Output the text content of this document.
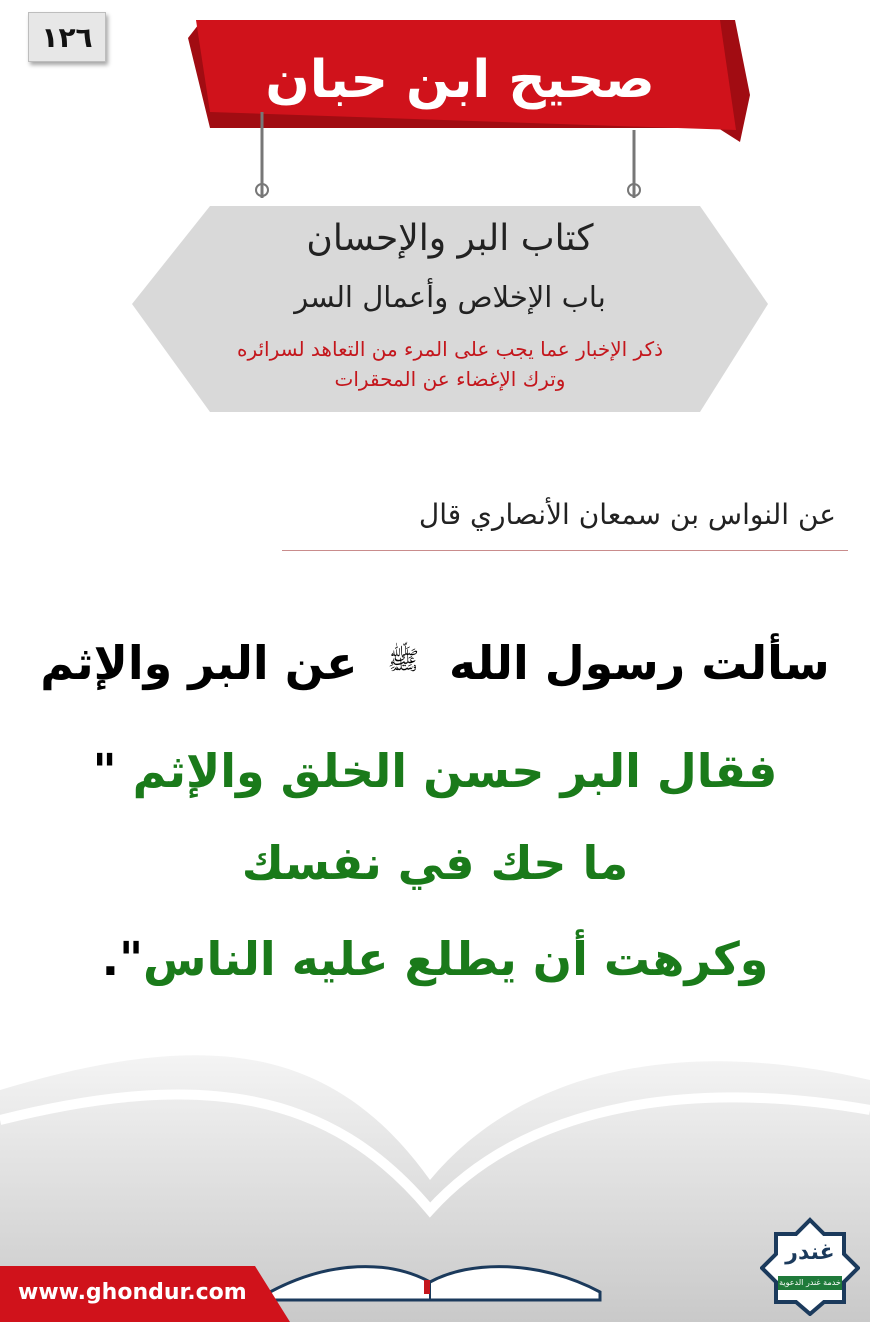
صحيح ابن حبان
١٢٦
كتاب البر والإحسان
باب الإخلاص وأعمال السر
ذكر الإخبار عما يجب على المرء من التعاهد لسرائره
وترك الإغضاء عن المحقرات
عن النواس بن سمعان الأنصاري قال
سألت رسول الله ﷺ عن البر والإثم
فقال البر حسن الخلق والإثم "
ما حك في نفسك
وكرهت أن يطلع عليه الناس".
www.ghondur.com
غندر
خدمة غندر الدعوية
